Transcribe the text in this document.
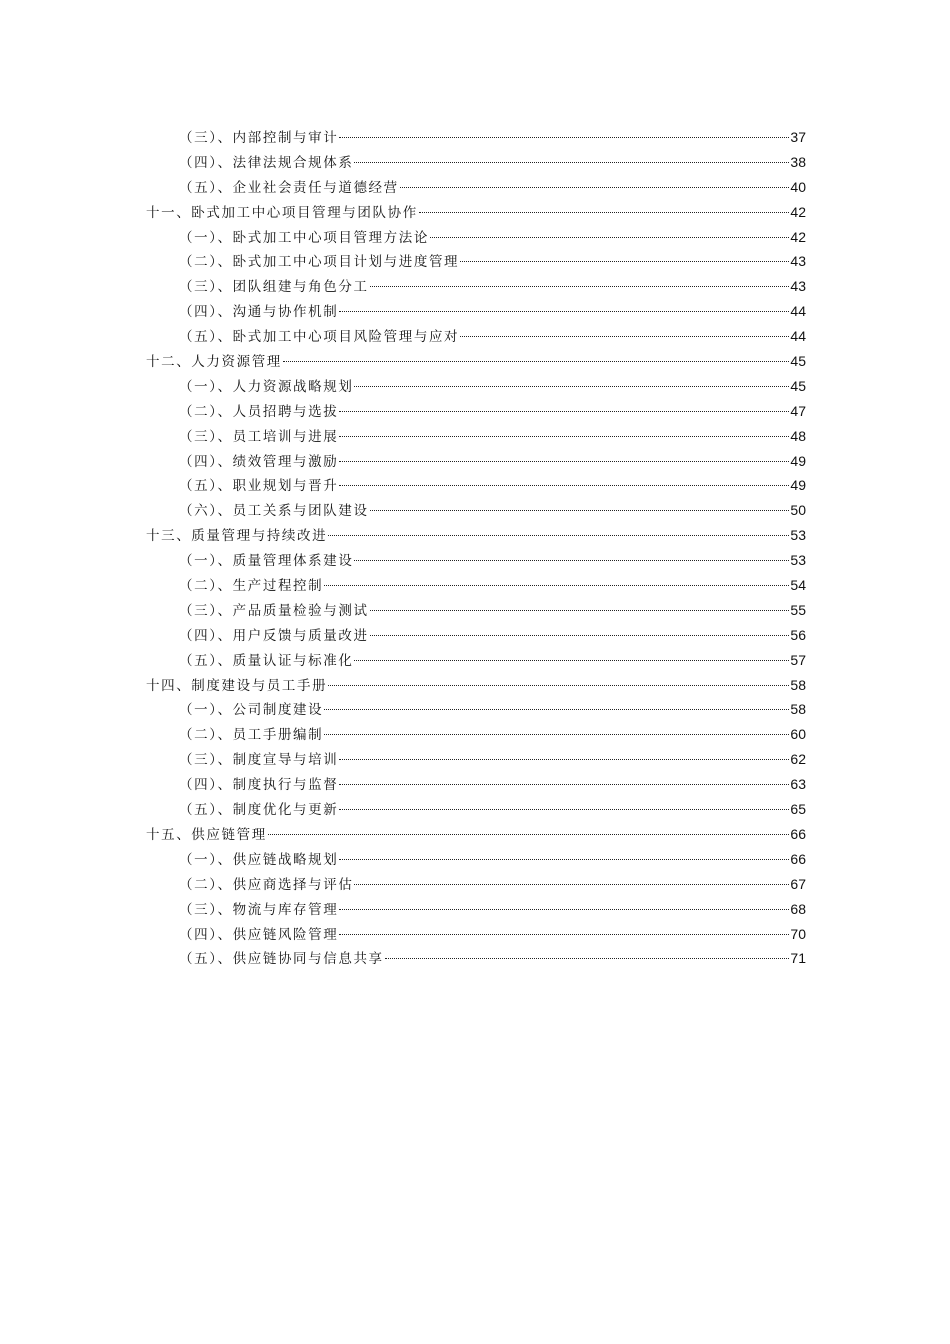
（三）、内部控制与审计	37
（四）、法律法规合规体系	38
（五）、企业社会责任与道德经营	40
十一、卧式加工中心项目管理与团队协作	42
（一）、卧式加工中心项目管理方法论	42
（二）、卧式加工中心项目计划与进度管理	43
（三）、团队组建与角色分工	43
（四）、沟通与协作机制	44
（五）、卧式加工中心项目风险管理与应对	44
十二、人力资源管理	45
（一）、人力资源战略规划	45
（二）、人员招聘与选拔	47
（三）、员工培训与进展	48
（四）、绩效管理与激励	49
（五）、职业规划与晋升	49
（六）、员工关系与团队建设	50
十三、质量管理与持续改进	53
（一）、质量管理体系建设	53
（二）、生产过程控制	54
（三）、产品质量检验与测试	55
（四）、用户反馈与质量改进	56
（五）、质量认证与标准化	57
十四、制度建设与员工手册	58
（一）、公司制度建设	58
（二）、员工手册编制	60
（三）、制度宣导与培训	62
（四）、制度执行与监督	63
（五）、制度优化与更新	65
十五、供应链管理	66
（一）、供应链战略规划	66
（二）、供应商选择与评估	67
（三）、物流与库存管理	68
（四）、供应链风险管理	70
（五）、供应链协同与信息共享	71
